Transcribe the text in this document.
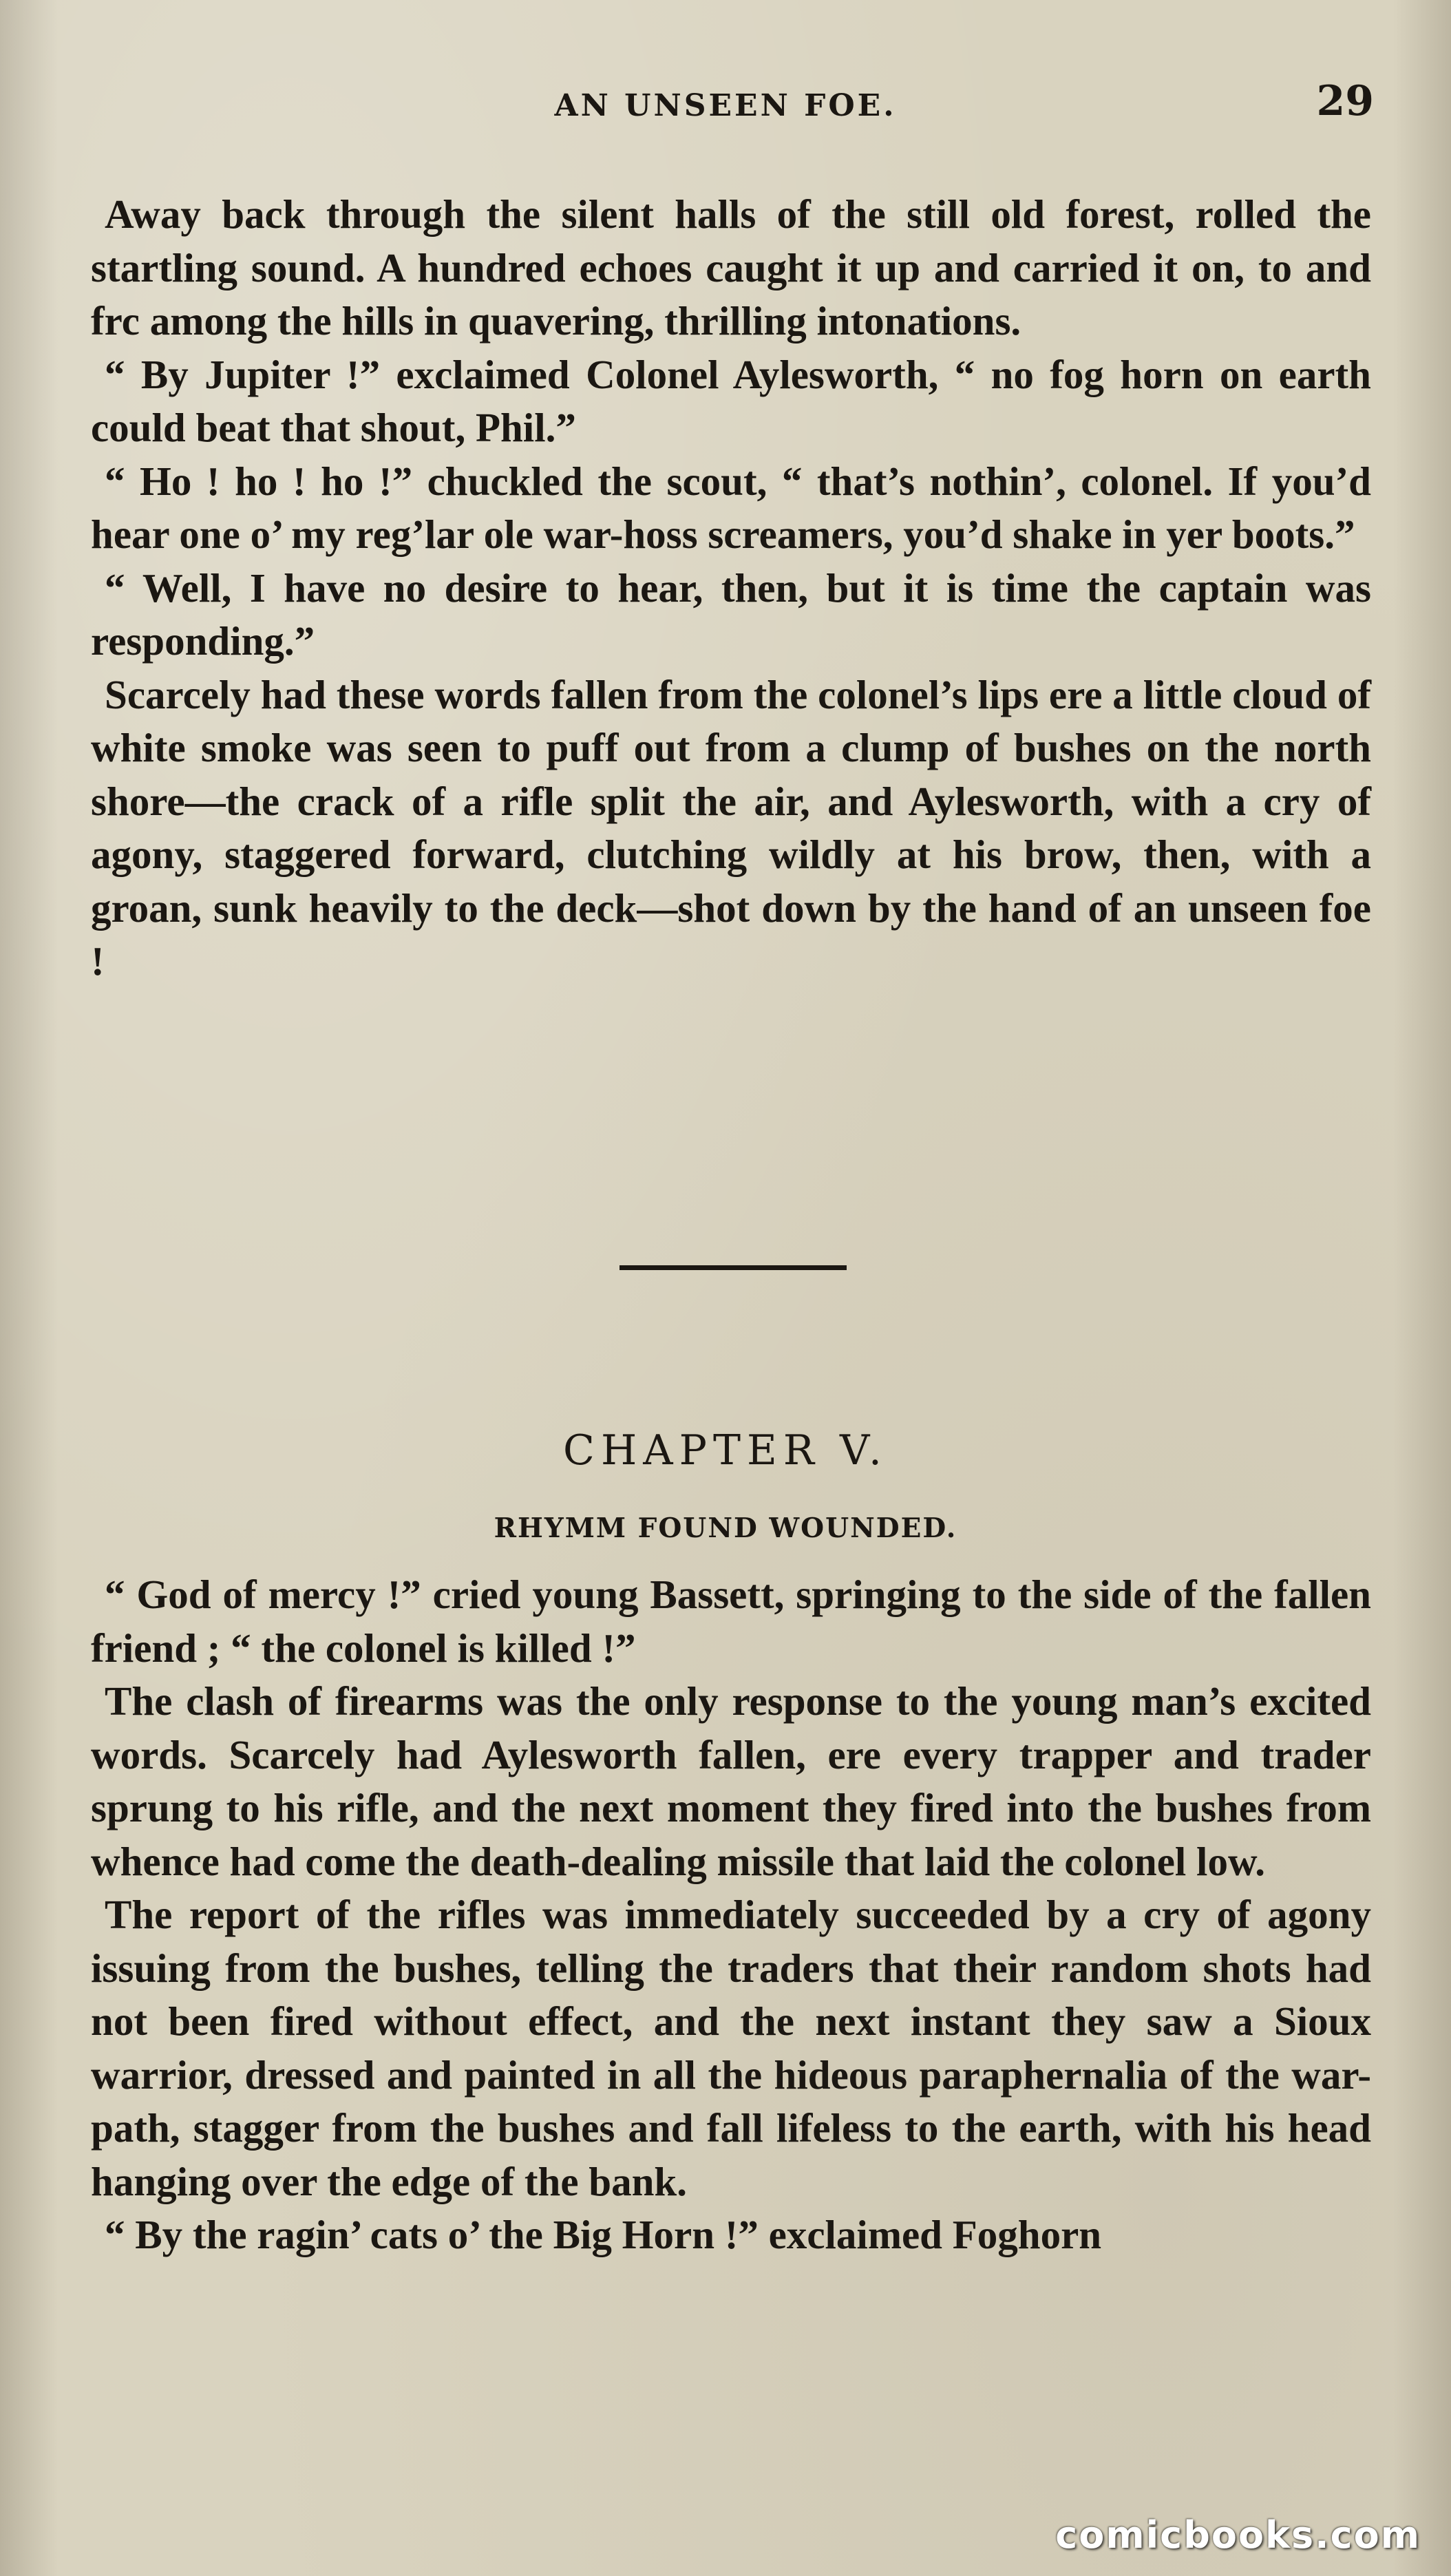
AN UNSEEN FOE.	29

Away back through the silent halls of the still old forest, rolled the startling sound. A hundred echoes caught it up and carried it on, to and frc among the hills in quavering, thrilling intonations.

“ By Jupiter !” exclaimed Colonel Aylesworth, “ no fog horn on earth could beat that shout, Phil.”

“ Ho ! ho ! ho !” chuckled the scout, “ that’s nothin’, colonel. If you’d hear one o’ my reg’lar ole war-hoss screamers, you’d shake in yer boots.”

“ Well, I have no desire to hear, then, but it is time the captain was responding.”

Scarcely had these words fallen from the colonel’s lips ere a little cloud of white smoke was seen to puff out from a clump of bushes on the north shore—the crack of a rifle split the air, and Aylesworth, with a cry of agony, staggered forward, clutching wildly at his brow, then, with a groan, sunk heavily to the deck—shot down by the hand of an unseen foe !

CHAPTER V.
RHYMM FOUND WOUNDED.

“ God of mercy !” cried young Bassett, springing to the side of the fallen friend ; “ the colonel is killed !”

The clash of firearms was the only response to the young man’s excited words. Scarcely had Aylesworth fallen, ere every trapper and trader sprung to his rifle, and the next moment they fired into the bushes from whence had come the death-dealing missile that laid the colonel low.

The report of the rifles was immediately succeeded by a cry of agony issuing from the bushes, telling the traders that their random shots had not been fired without effect, and the next instant they saw a Sioux warrior, dressed and painted in all the hideous paraphernalia of the war-path, stagger from the bushes and fall lifeless to the earth, with his head hanging over the edge of the bank.

“ By the ragin’ cats o’ the Big Horn !” exclaimed Foghorn

comicbooks.com
